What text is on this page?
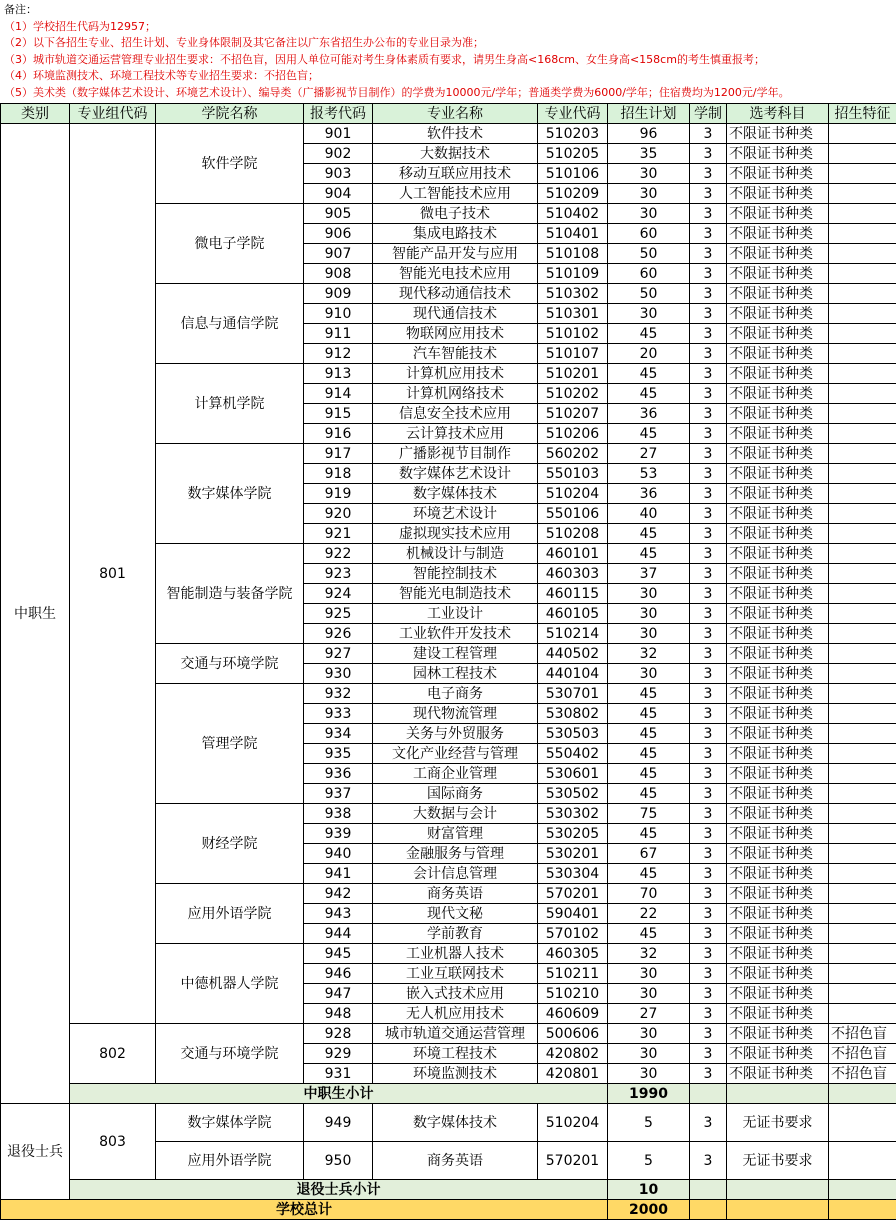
备注：
（1）学校招生代码为12957；
（2）以下各招生专业、招生计划、专业身体限制及其它备注以广东省招生办公布的专业目录为准；
（3）城市轨道交通运营管理专业招生要求：不招色盲，因用人单位可能对考生身体素质有要求，请男生身高<168cm、女生身高<158cm的考生慎重报考；
（4）环境监测技术、环境工程技术等专业招生要求：不招色盲；
（5）美术类（数字媒体艺术设计、环境艺术设计）、编导类（广播影视节目制作）的学费为10000元/学年；普通类学费为6000/学年；住宿费均为1200元/学年。
类别	专业组代码	学院名称	报考代码	专业名称	专业代码	招生计划	学制	选考科目	招生特征
中职生	801	软件学院	901	软件技术	510203	96	3	不限证书种类	
			902	大数据技术	510205	35	3	不限证书种类	
			903	移动互联应用技术	510106	30	3	不限证书种类	
			904	人工智能技术应用	510209	30	3	不限证书种类	
		微电子学院	905	微电子技术	510402	30	3	不限证书种类	
			906	集成电路技术	510401	60	3	不限证书种类	
			907	智能产品开发与应用	510108	50	3	不限证书种类	
			908	智能光电技术应用	510109	60	3	不限证书种类	
		信息与通信学院	909	现代移动通信技术	510302	50	3	不限证书种类	
			910	现代通信技术	510301	30	3	不限证书种类	
			911	物联网应用技术	510102	45	3	不限证书种类	
			912	汽车智能技术	510107	20	3	不限证书种类	
		计算机学院	913	计算机应用技术	510201	45	3	不限证书种类	
			914	计算机网络技术	510202	45	3	不限证书种类	
			915	信息安全技术应用	510207	36	3	不限证书种类	
			916	云计算技术应用	510206	45	3	不限证书种类	
		数字媒体学院	917	广播影视节目制作	560202	27	3	不限证书种类	
			918	数字媒体艺术设计	550103	53	3	不限证书种类	
			919	数字媒体技术	510204	36	3	不限证书种类	
			920	环境艺术设计	550106	40	3	不限证书种类	
			921	虚拟现实技术应用	510208	45	3	不限证书种类	
		智能制造与装备学院	922	机械设计与制造	460101	45	3	不限证书种类	
			923	智能控制技术	460303	37	3	不限证书种类	
			924	智能光电制造技术	460115	30	3	不限证书种类	
			925	工业设计	460105	30	3	不限证书种类	
			926	工业软件开发技术	510214	30	3	不限证书种类	
		交通与环境学院	927	建设工程管理	440502	32	3	不限证书种类	
			930	园林工程技术	440104	30	3	不限证书种类	
		管理学院	932	电子商务	530701	45	3	不限证书种类	
			933	现代物流管理	530802	45	3	不限证书种类	
			934	关务与外贸服务	530503	45	3	不限证书种类	
			935	文化产业经营与管理	550402	45	3	不限证书种类	
			936	工商企业管理	530601	45	3	不限证书种类	
			937	国际商务	530502	45	3	不限证书种类	
		财经学院	938	大数据与会计	530302	75	3	不限证书种类	
			939	财富管理	530205	45	3	不限证书种类	
			940	金融服务与管理	530201	67	3	不限证书种类	
			941	会计信息管理	530304	45	3	不限证书种类	
		应用外语学院	942	商务英语	570201	70	3	不限证书种类	
			943	现代文秘	590401	22	3	不限证书种类	
			944	学前教育	570102	45	3	不限证书种类	
		中德机器人学院	945	工业机器人技术	460305	32	3	不限证书种类	
			946	工业互联网技术	510211	30	3	不限证书种类	
			947	嵌入式技术应用	510210	30	3	不限证书种类	
			948	无人机应用技术	460609	27	3	不限证书种类	
	802	交通与环境学院	928	城市轨道交通运营管理	500606	30	3	不限证书种类	不招色盲
			929	环境工程技术	420802	30	3	不限证书种类	不招色盲
			931	环境监测技术	420801	30	3	不限证书种类	不招色盲
	中职生小计					1990			
退役士兵	803	数字媒体学院	949	数字媒体技术	510204	5	3	无证书要求	
		应用外语学院	950	商务英语	570201	5	3	无证书要求	
	退役士兵小计					10			
学校总计						2000			
